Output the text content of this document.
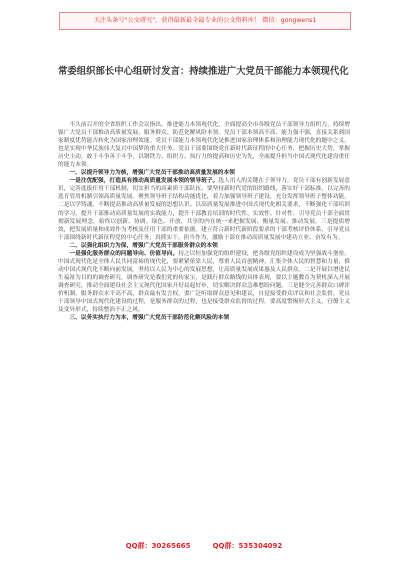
关注头条号"公文研究"，获得最新最全最专业的公文资料库！ 微信：gongwens1
常委组织部长中心组研讨发言：持续推进广大党员干部能力本领现代化

不久前召开的全省组织工作会议指出，推进能力本领现代化，全面提高全市各级党员干部领导力组织力，持续增强广大党员干部推动高质量发展、服务群众、防范化解风险本领。党员干部本领高不高、能力强不强，直接关系到国家制度优势能否转化为国家治理效能。党员干部能力本领现代化是推进国家治理体系和治理能力现代化的题中之义，也是实现中华民族伟大复兴中国梦的重大任务。党员干部要围绕党在新时代新征程的中心任务，把握历史大势，掌握历史主动，敢于斗争善于斗争，以钢铁力、组织力、执行力的提高和历史为先，全面提升担当中国式现代化建设重任的能力本领。

一、以提升领导力为核，增强广大党员干部推动高质量发展的本领

一是注优配强，打造具有推动高质量发展本领的领导班子。选人用人的关键在于领导力。党员干部有创新发展意识，完善选拔任用干部机制，切实担当的高素质干部队伍。要坚持新时代党的组织路线，落实好干部标准，以完善的选育管用机制引领高质量发展。聚焦领导班子结构功能优化，着力加强领导班子建设，充分发挥领导班子整体功能。二是以学铸魂，不断提高推动高质量发展的思想认识。以高质量发展推进中国式现代化相关要求，不断强化干部培训的学习，提升干部推动高质量发展的实战能力，提升干部教育培训的时代性、实效性、针对性。引导党员干部全面贯彻新发展理念，始终以创新、协调、绿色、开放、共享的内在统一来把握发展、衡量发展、推动发展。三是提质增效，把发展质量和成效作为考核及任用干部的重要依据。建立符合新时代新阶段要求的干部考核评价体系，引导党员干部围绕新时代新征程党的中心任务，真抓实干、担当作为，激励干部在推动高质量发展中建功立业、奋发有为。

二、以强化组织力为保，增强广大党员干部服务群众的本领

一是强化服务群众的问题导向、价值导向。持之以恒加强党的组织建设，把各级党组织建设成为坚强战斗堡垒。中国式现代化是全体人民共同富裕的现代化，要紧紧依靠人民，尊重人民首创精神，汇集全体人民的智慧和力量，推动中国式现代化不断向前发展。坚持以人民为中心的发展思想，让高质量发展成果惠及人民群众。二是开展以增进民生福祉为目的的调查研究。调查研究是我们党的传家宝，是践行群众路线的具体表现，要以主题教育为契机深入开展调查研究，推动全面建设社会主义现代化国家开好局起好步，切实解决群众急难愁盼问题。三是健全完善群众口碑评价机制。服务群众水平高不高，群众最有发言权。要广泛听取群众意见和建议，自觉接受群众评议和社会监督。党员干部领导中国式现代化建设的过程，是服务群众的过程，也是接受群众监督的过程。要高度警惕形式主义、官僚主义及变异形式，持续整治不正之风。

三、以务实执行力为本，增强广大党员干部防范化解风险的本领

QQ群：30265665	QQ群：535304092
